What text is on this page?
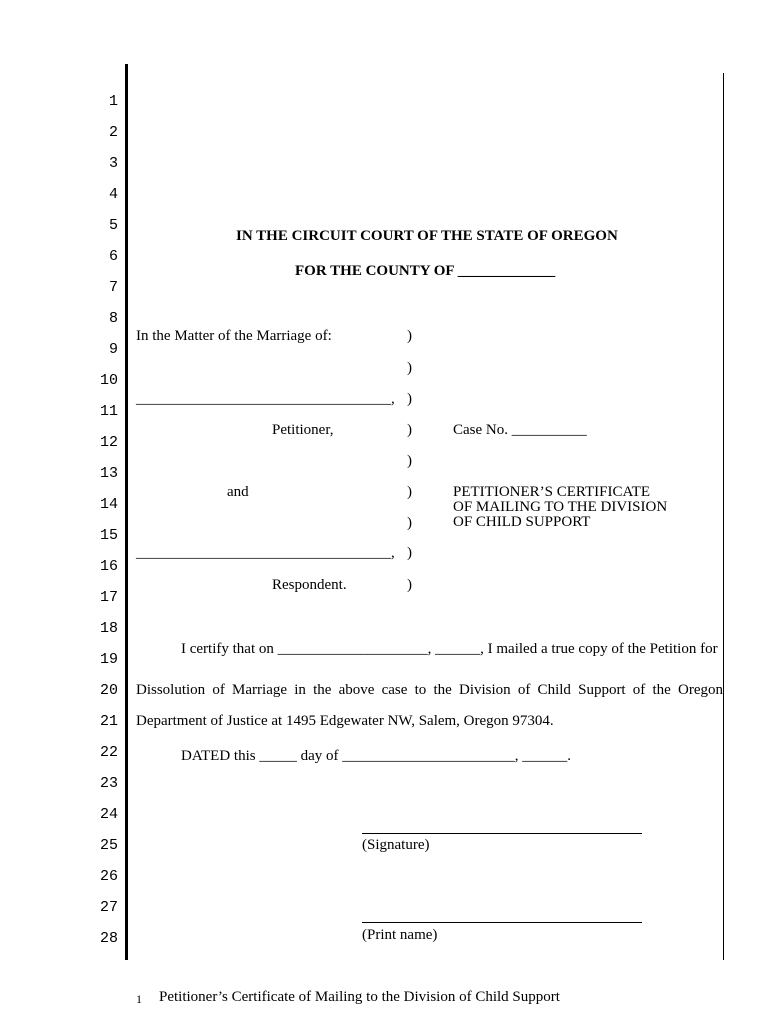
1
2
3
4
5
6
7
8
9
10
11
12
13
14
15
16
17
18
19
20
21
22
23
24
25
26
27
28
IN THE CIRCUIT COURT OF THE STATE OF OREGON
FOR THE COUNTY OF _____________
In the Matter of the Marriage of:
__________________________________,
Petitioner,
and
__________________________________,
Respondent.
)
)
)
)
)
)
)
)
)
Case No. __________
PETITIONER’S CERTIFICATE
OF MAILING TO THE DIVISION
OF CHILD SUPPORT
I certify that on ____________________, ______, I mailed a true copy of the Petition for
Dissolution of Marriage in the above case to the Division of Child Support of the Oregon
Department of Justice at 1495 Edgewater NW, Salem, Oregon 97304.
DATED this _____ day of _______________________, ______.
(Signature)
(Print name)
1 Petitioner’s Certificate of Mailing to the Division of Child Support
